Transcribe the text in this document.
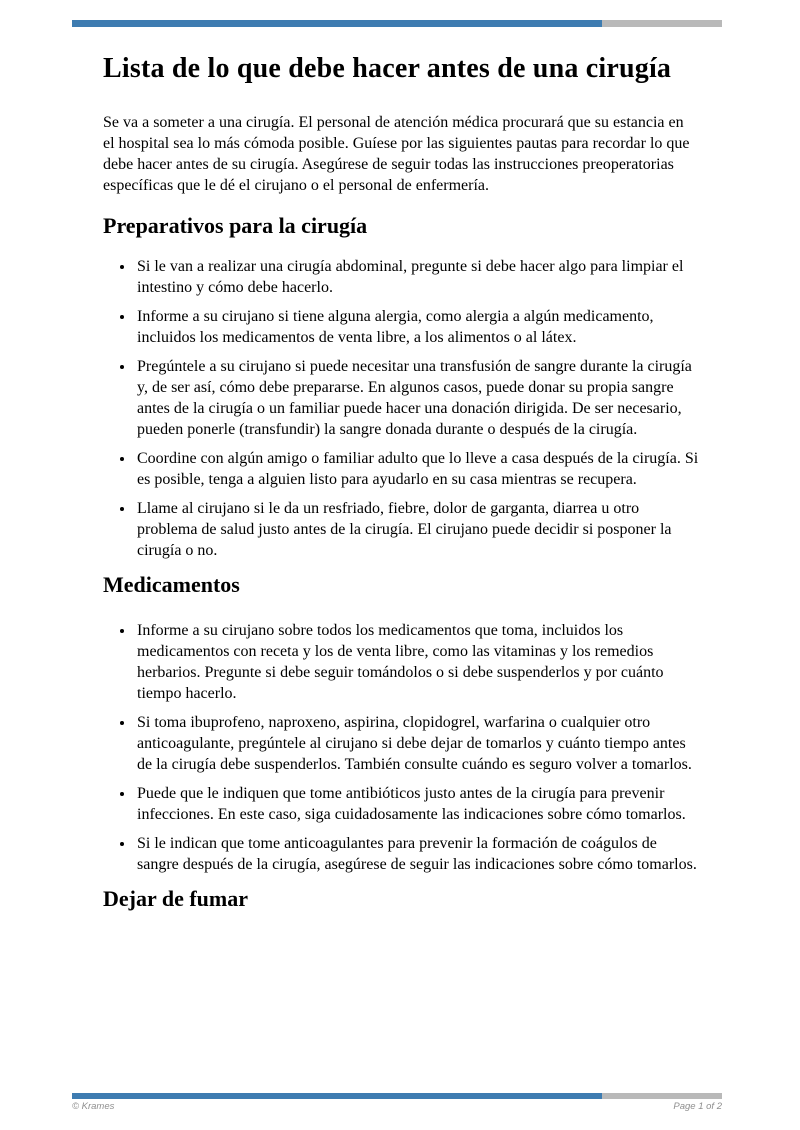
Lista de lo que debe hacer antes de una cirugía

Se va a someter a una cirugía. El personal de atención médica procurará que su estancia en el hospital sea lo más cómoda posible. Guíese por las siguientes pautas para recordar lo que debe hacer antes de su cirugía. Asegúrese de seguir todas las instrucciones preoperatorias específicas que le dé el cirujano o el personal de enfermería.

Preparativos para la cirugía
• Si le van a realizar una cirugía abdominal, pregunte si debe hacer algo para limpiar el intestino y cómo debe hacerlo.
• Informe a su cirujano si tiene alguna alergia, como alergia a algún medicamento, incluidos los medicamentos de venta libre, a los alimentos o al látex.
• Pregúntele a su cirujano si puede necesitar una transfusión de sangre durante la cirugía y, de ser así, cómo debe prepararse. En algunos casos, puede donar su propia sangre antes de la cirugía o un familiar puede hacer una donación dirigida. De ser necesario, pueden ponerle (transfundir) la sangre donada durante o después de la cirugía.
• Coordine con algún amigo o familiar adulto que lo lleve a casa después de la cirugía. Si es posible, tenga a alguien listo para ayudarlo en su casa mientras se recupera.
• Llame al cirujano si le da un resfriado, fiebre, dolor de garganta, diarrea u otro problema de salud justo antes de la cirugía. El cirujano puede decidir si posponer la cirugía o no.
Medicamentos
• Informe a su cirujano sobre todos los medicamentos que toma, incluidos los medicamentos con receta y los de venta libre, como las vitaminas y los remedios herbarios. Pregunte si debe seguir tomándolos o si debe suspenderlos y por cuánto tiempo hacerlo.
• Si toma ibuprofeno, naproxeno, aspirina, clopidogrel, warfarina o cualquier otro anticoagulante, pregúntele al cirujano si debe dejar de tomarlos y cuánto tiempo antes de la cirugía debe suspenderlos. También consulte cuándo es seguro volver a tomarlos.
• Puede que le indiquen que tome antibióticos justo antes de la cirugía para prevenir infecciones. En este caso, siga cuidadosamente las indicaciones sobre cómo tomarlos.
• Si le indican que tome anticoagulantes para prevenir la formación de coágulos de sangre después de la cirugía, asegúrese de seguir las indicaciones sobre cómo tomarlos.
Dejar de fumar
© Krames	Page 1 of 2
